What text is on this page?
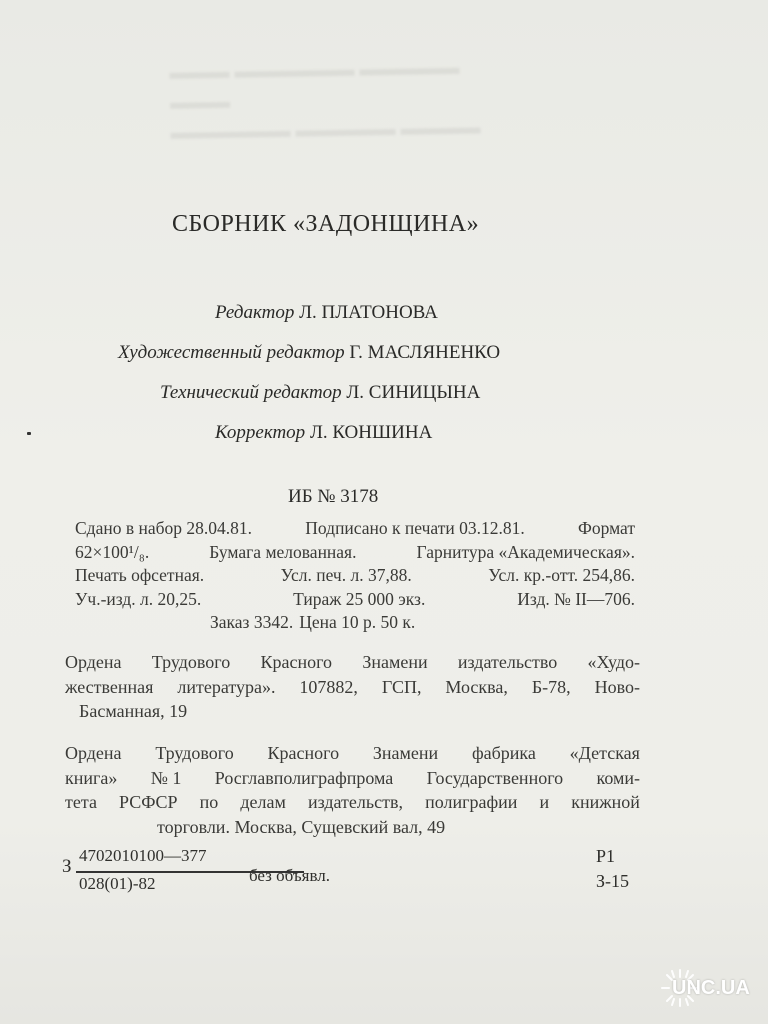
▬▬▬ ▬▬▬▬▬▬ ▬▬▬▬▬ ▬▬▬
▬▬▬▬▬▬ ▬▬▬▬▬ ▬▬▬▬
СБОРНИК «ЗАДОНЩИНА»
Редактор Л. ПЛАТОНОВА
Художественный редактор Г. МАСЛЯНЕНКО
Технический редактор Л. СИНИЦЫНА
Корректор Л. КОНШИНА
ИБ № 3178
Сдано в набор 28.04.81.	Подписано к печати 03.12.81.	Формат
62×100¹/₈.	Бумага мелованная.	Гарнитура «Академическая».
Печать офсетная.	Усл. печ. л. 37,88.	Усл. кр.-отт. 254,86.
Уч.-изд. л. 20,25.	Тираж 25 000 экз.	Изд. № II—706.
Заказ 3342. Цена 10 р. 50 к.
Ордена Трудового Красного Знамени издательство «Худо-
жественная литература». 107882, ГСП, Москва, Б-78, Ново-
Басманная, 19
Ордена Трудового Красного Знамени фабрика «Детская
книга» № 1 Росглавполиграфпрома Государственного коми-
тета РСФСР по делам издательств, полиграфии и книжной
торговли. Москва, Сущевский вал, 49
З
4702010100—377
028(01)-82	без объявл.
Р1
З-15
UNC.UA
